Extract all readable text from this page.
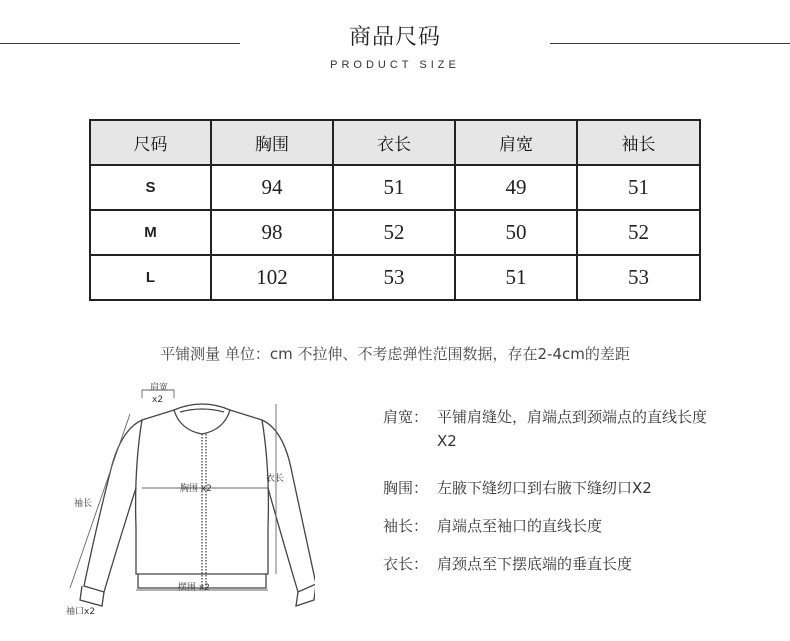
商品尺码
PRODUCT SIZE
尺码	胸围	衣长	肩宽	袖长
S	94	51	49	51
M	98	52	50	52
L	102	53	51	53
平铺测量 单位：cm 不拉伸、不考虑弹性范围数据，存在2-4cm的差距
肩宽
x2
胸围 x2
衣长
袖长
摆围 x2
袖口x2
肩宽： 平铺肩缝处，肩端点到颈端点的直线长度X2
胸围： 左腋下缝纫口到右腋下缝纫口X2
袖长： 肩端点至袖口的直线长度
衣长： 肩颈点至下摆底端的垂直长度
